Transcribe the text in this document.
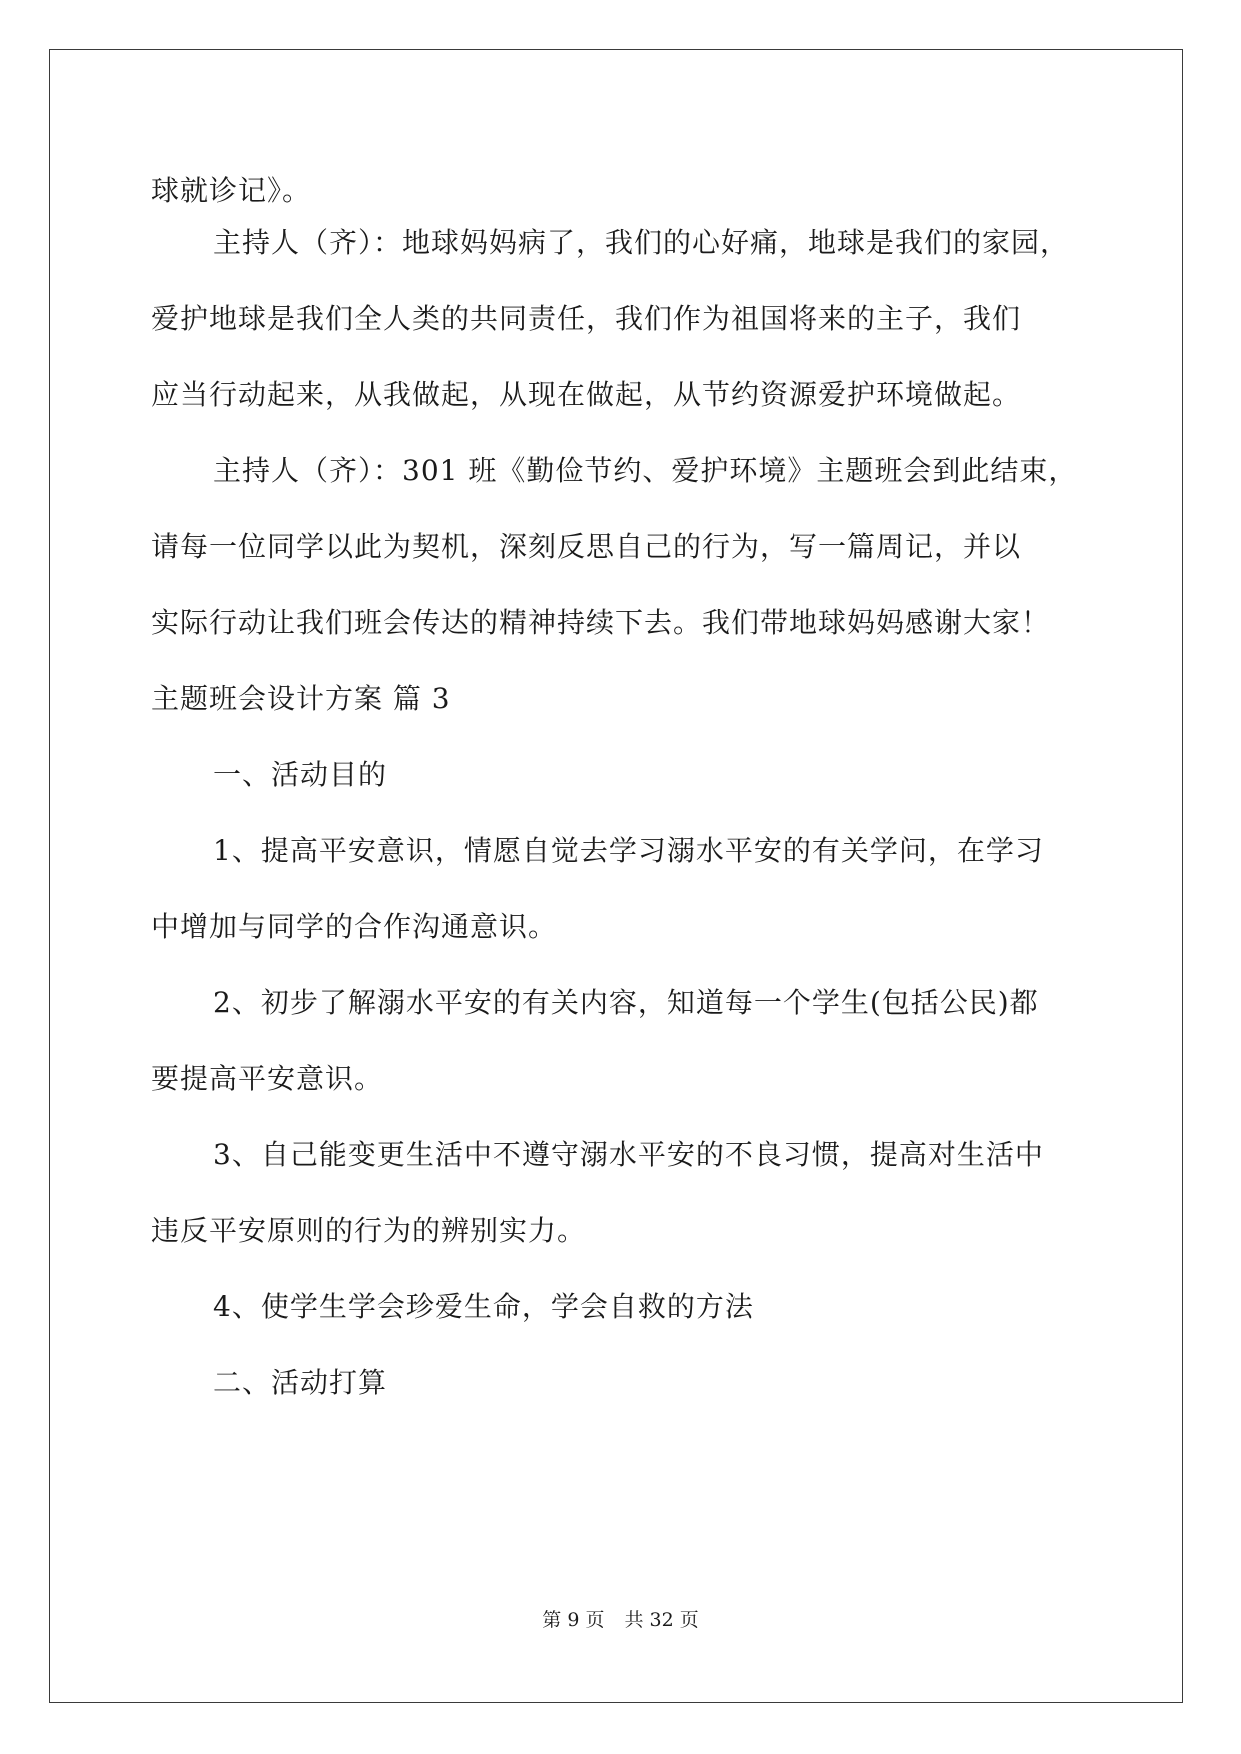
球就诊记》。
主持人（齐）：地球妈妈病了，我们的心好痛，地球是我们的家园，
爱护地球是我们全人类的共同责任，我们作为祖国将来的主子，我们
应当行动起来，从我做起，从现在做起，从节约资源爱护环境做起。
主持人（齐）：301 班《勤俭节约、爱护环境》主题班会到此结束，
请每一位同学以此为契机，深刻反思自己的行为，写一篇周记，并以
实际行动让我们班会传达的精神持续下去。我们带地球妈妈感谢大家！
主题班会设计方案 篇 3
一、活动目的
1、提高平安意识，情愿自觉去学习溺水平安的有关学问，在学习
中增加与同学的合作沟通意识。
2、初步了解溺水平安的有关内容，知道每一个学生(包括公民)都
要提高平安意识。
3、自己能变更生活中不遵守溺水平安的不良习惯，提高对生活中
违反平安原则的行为的辨别实力。
4、使学生学会珍爱生命，学会自救的方法
二、活动打算
第 9 页 共 32 页
